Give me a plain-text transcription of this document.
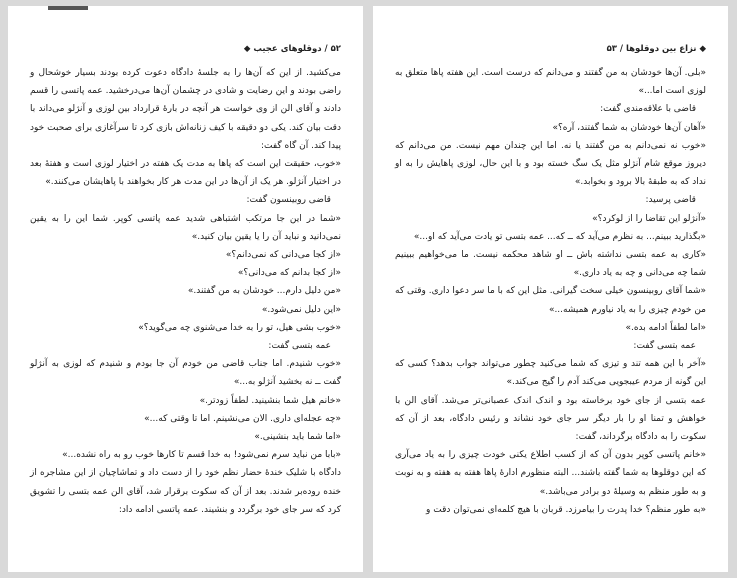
۵۲ / دوقلوهای عجیب ◆

می‌کشید. از این که آن‌ها را به جلسهٔ دادگاه دعوت کرده بودند بسیار خوشحال و راضی بودند و این رضایت و شادی در چشمان آن‌ها می‌درخشید. عمه پاتسی را قسم دادند و آقای الن از وی خواست هر آنچه در بارهٔ قرارداد بین لوزی و آنژلو می‌داند با دقت بیان کند. یکی دو دقیقه با کیف زنانه‌اش بازی کرد تا سرآغازی برای صحبت خود پیدا کند. آن گاه گفت:

«خوب، حقیقت این است که پاها به مدت یک هفته در اختیار لوزی است و هفتهٔ بعد در اختیار آنژلو. هر یک از آن‌ها در این مدت هر کار بخواهند با پاهایشان می‌کنند.»

قاضی روبینسون گفت:

«شما در این جا مرتکب اشتباهی شدید عمه پاتسی کوپر. شما این را به یقین نمی‌دانید و نباید آن را یا یقین بیان کنید.»

«از کجا می‌دانی که نمی‌دانم؟»

«از کجا بدانم که می‌دانی؟»

«من دلیل دارم... خودشان به من گفتند.»

«این دلیل نمی‌شود.»

«خوب بشی هیل، تو را به خدا می‌شنوی چه می‌گوید؟»

عمه بتسی گفت:

«خوب شنیدم. اما جناب قاضی من خودم آن جا بودم و شنیدم که لوزی به آنژلو گفت ــ نه بخشید آنژلو به...»

«خانم هیل شما بنشینید. لطفاً زودتر.»

«چه عجله‌ای داری. الان می‌نشینم. اما تا وقتی که...»

«اما شما باید بنشینی.»

«بابا من نباید سرم نمی‌شود! به خدا قسم تا کارها خوب رو به راه نشده...»

دادگاه با شلیک خندهٔ حضار نظم خود را از دست داد و تماشاچیان از این مشاجره از خنده روده‌بر شدند. بعد از آن که سکوت برقرار شد، آقای الن عمه بتسی را تشویق کرد که سر جای خود برگردد و بنشیند. عمه پاتسی ادامه داد:

◆ نزاع بین دوقلوها / ۵۳

«بلی. آن‌ها خودشان به من گفتند و می‌دانم که درست است. این هفته پاها متعلق به لوزی است اما...»

قاضی با علاقه‌مندی گفت:

«آهان آن‌ها خودشان به شما گفتند، آره؟»

«خوب نه نمی‌دانم به من گفتند یا نه. اما این چندان مهم نیست. من می‌دانم که دیروز موقع شام آنژلو مثل یک سگ خسته بود و با این حال، لوزی پاهایش را به او نداد که به طبقهٔ بالا برود و بخوابد.»

قاضی پرسید:

«آنژلو این تقاضا را از لوکرد؟»

«بگذارید ببینم... به نظرم می‌آید که ــ که... عمه بتسی تو یادت می‌آید که او...»

«کاری به عمه بتسی نداشته باش ــ او شاهد محکمه نیست. ما می‌خواهیم ببینیم شما چه می‌دانی و چه به یاد داری.»

«شما آقای روبینسون خیلی سخت گیرانی. مثل این که با ما سر دعوا داری. وقتی که من خودم چیزی را به یاد نیاورم همیشه...»

«اما لطفاً ادامه بده.»

عمه بتسی گفت:

«آخر با این همه تند و تیزی که شما می‌کنید چطور می‌تواند جواب بدهد؟ کسی که این گونه از مردم عیبجویی می‌کند آدم را گیج می‌کند.»

عمه بتسی از جای خود برخاسته بود و اندک اندک عصبانی‌تر می‌شد. آقای الن با خواهش و تمنا او را بار دیگر سر جای خود نشاند و رئیس دادگاه، بعد از آن که سکوت را به دادگاه برگرداند، گفت:

«خانم پاتسی کوپر بدون آن که از کسب اطلاع یکنی خودت چیزی را به یاد می‌آری که این دوقلوها به شما گفته باشند... البته منظورم ادارهٔ پاها هفته به هفته و به نوبت و به طور منظم به وسیلهٔ دو برادر می‌باشد.»

«به طور منظم؟ خدا پدرت را بیامرزد. قربان با هیچ کلمه‌ای نمی‌توان دقت و
